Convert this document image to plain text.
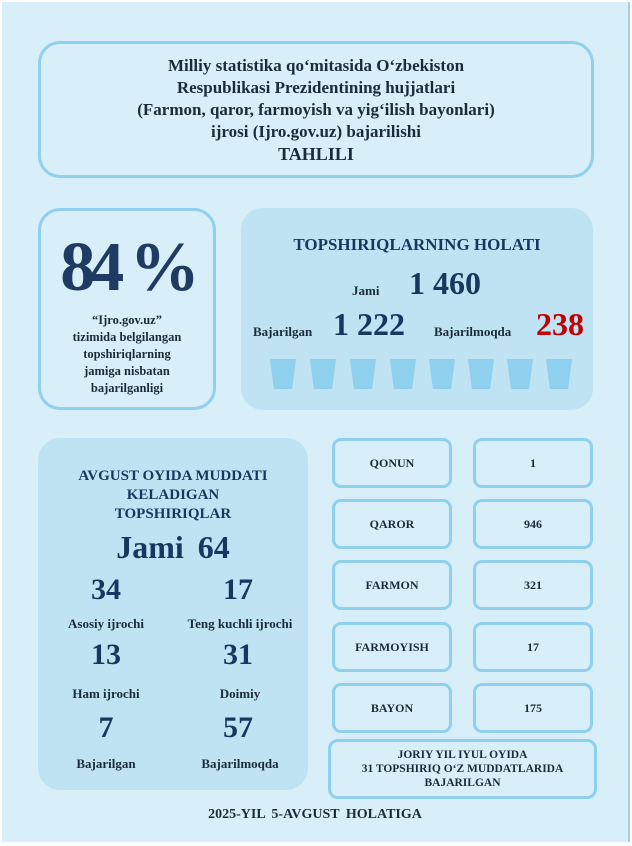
Milliy statistika qo‘mitasida O‘zbekiston
Respublikasi Prezidentining hujjatlari
(Farmon, qaror, farmoyish va yig‘ilish bayonlari)
ijrosi (Ijro.gov.uz) bajarilishi
TAHLILI
84 %
“Ijro.gov.uz”
tizimida belgilangan
topshiriqlarning
jamiga nisbatan
bajarilganligi
TOPSHIRIQLARNING HOLATI
Jami 1 460
Bajarilgan 1 222 Bajarilmoqda 238
AVGUST OYIDA MUDDATI
KELADIGAN
TOPSHIRIQLAR
Jami 64
34
Asosiy ijrochi
17
Teng kuchli ijrochi
13
Ham ijrochi
31
Doimiy
7
Bajarilgan
57
Bajarilmoqda
QONUN	1
QAROR	946
FARMON	321
FARMOYISH	17
BAYON	175
JORIY YIL IYUL OYIDA
31 TOPSHIRIQ O‘Z MUDDATLARIDA
BAJARILGAN
2025-YIL 5-AVGUST HOLATIGA
